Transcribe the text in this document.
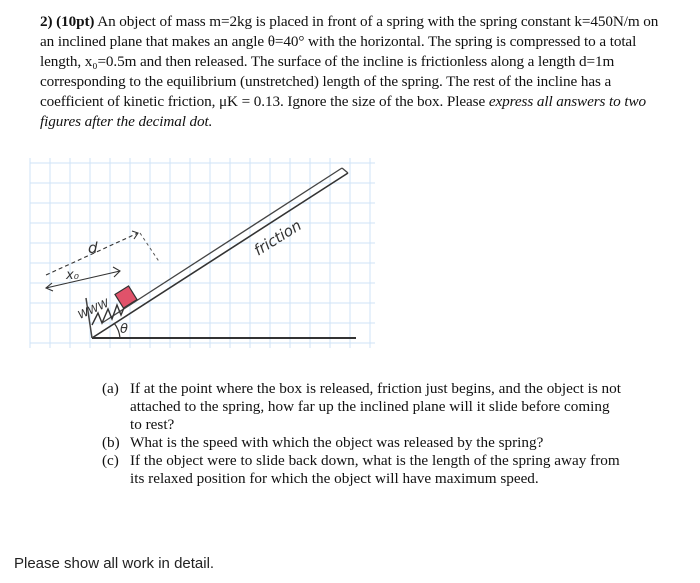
2) (10pt) An object of mass m=2kg is placed in front of a spring with the spring constant k=450N/m on an inclined plane that makes an angle θ=40° with the horizontal. The spring is compressed to a total length, x₀=0.5m and then released. The surface of the incline is frictionless along a length d=1m corresponding to the equilibrium (unstretched) length of the spring. The rest of the incline has a coefficient of kinetic friction, μK = 0.13. Ignore the size of the box. Please express all answers to two figures after the decimal dot.
d
x₀
friction
θ
WWW
(a) If at the point where the box is released, friction just begins, and the object is not attached to the spring, how far up the inclined plane will it slide before coming to rest?
(b) What is the speed with which the object was released by the spring?
(c) If the object were to slide back down, what is the length of the spring away from its relaxed position for which the object will have maximum speed.
Please show all work in detail.
